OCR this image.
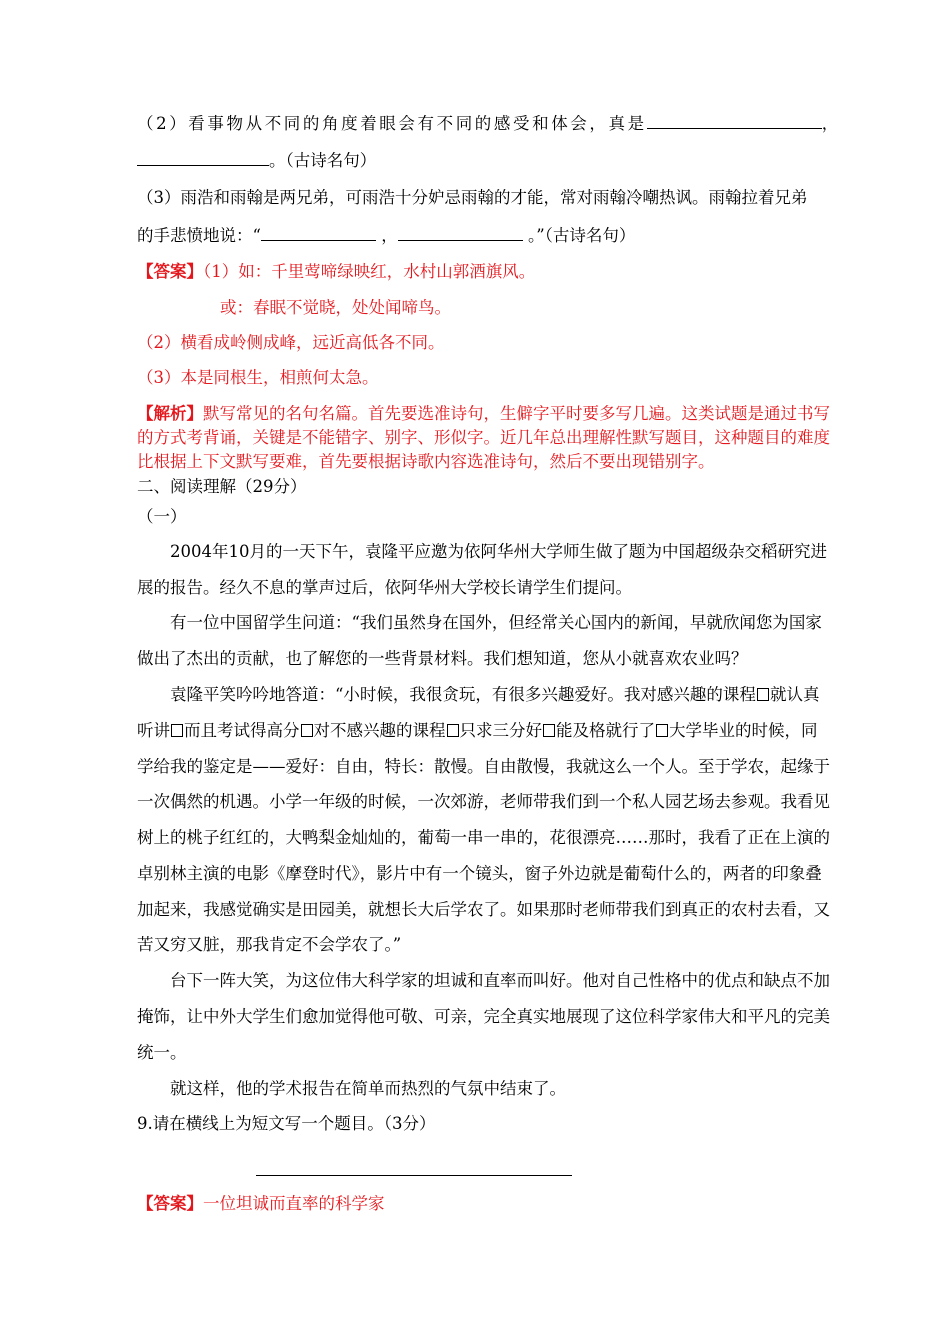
（2）看事物从不同的角度着眼会有不同的感受和体会，真是	，
。（古诗名句）
（3）雨浩和雨翰是两兄弟，可雨浩十分妒忌雨翰的才能，常对雨翰冷嘲热讽。雨翰拉着兄弟
的手悲愤地说：“	，	。”（古诗名句）
【答案】（1）如：千里莺啼绿映红，水村山郭酒旗风。
或：春眠不觉晓，处处闻啼鸟。
（2）横看成岭侧成峰，远近高低各不同。
（3）本是同根生，相煎何太急。
【解析】默写常见的名句名篇。首先要选准诗句，生僻字平时要多写几遍。这类试题是通过书写
的方式考背诵，关键是不能错字、别字、形似字。近几年总出理解性默写题目，这种题目的难度
比根据上下文默写要难，首先要根据诗歌内容选准诗句，然后不要出现错别字。
二、阅读理解（29分）
（一）
2004年10月的一天下午，袁隆平应邀为依阿华州大学师生做了题为中国超级杂交稻研究进
展的报告。经久不息的掌声过后，依阿华州大学校长请学生们提问。
有一位中国留学生问道：“我们虽然身在国外，但经常关心国内的新闻，早就欣闻您为国家
做出了杰出的贡献，也了解您的一些背景材料。我们想知道，您从小就喜欢农业吗？
袁隆平笑吟吟地答道：“小时候，我很贪玩，有很多兴趣爱好。我对感兴趣的课程 就认真
听讲 而且考试得高分 对不感兴趣的课程 只求三分好 能及格就行了 大学毕业的时候，同
学给我的鉴定是——爱好：自由，特长：散慢。自由散慢，我就这么一个人。至于学农，起缘于
一次偶然的机遇。小学一年级的时候，一次郊游，老师带我们到一个私人园艺场去参观。我看见
树上的桃子红红的，大鸭梨金灿灿的，葡萄一串一串的，花很漂亮……那时，我看了正在上演的
卓别林主演的电影《摩登时代》，影片中有一个镜头，窗子外边就是葡萄什么的，两者的印象叠
加起来，我感觉确实是田园美，就想长大后学农了。如果那时老师带我们到真正的农村去看，又
苦又穷又脏，那我肯定不会学农了。”
台下一阵大笑，为这位伟大科学家的坦诚和直率而叫好。他对自己性格中的优点和缺点不加
掩饰，让中外大学生们愈加觉得他可敬、可亲，完全真实地展现了这位科学家伟大和平凡的完美
统一。
就这样，他的学术报告在简单而热烈的气氛中结束了。
9.请在横线上为短文写一个题目。（3分）
【答案】一位坦诚而直率的科学家
